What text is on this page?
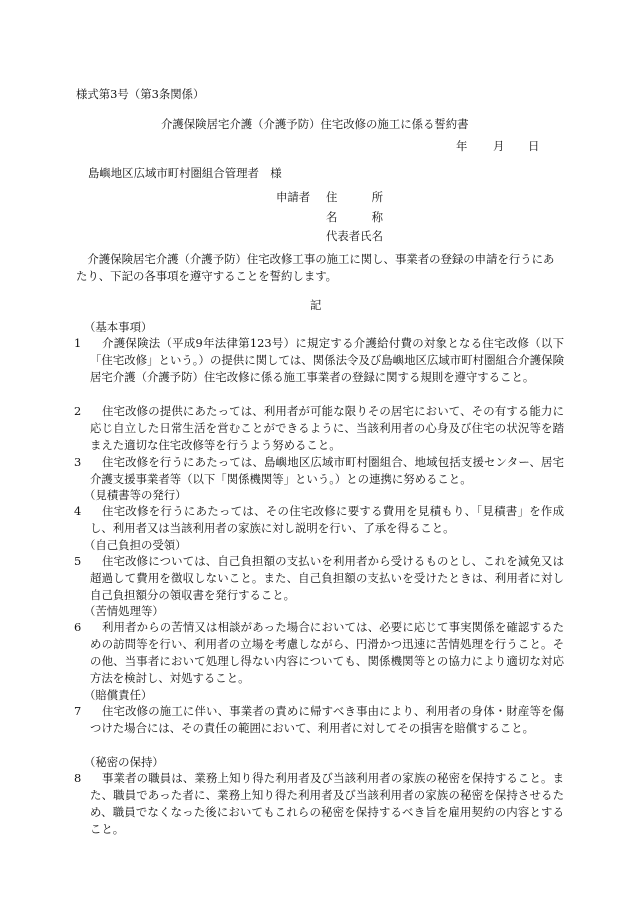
様式第3号（第3条関係）
介護保険居宅介護（介護予防）住宅改修の施工に係る誓約書
年 月 日
島嶼地区広域市町村圏組合管理者　様
申請者 住　　　所
名　　　称
代表者氏名
介護保険居宅介護（介護予防）住宅改修工事の施工に関し、事業者の登録の申請を行うにあたり、下記の各事項を遵守することを誓約します。
記
（基本事項）
1	介護保険法（平成9年法律第123号）に規定する介護給付費の対象となる住宅改修（以下「住宅改修」という。）の提供に関しては、関係法令及び島嶼地区広域市町村圏組合介護保険居宅介護（介護予防）住宅改修に係る施工事業者の登録に関する規則を遵守すること。
2	住宅改修の提供にあたっては、利用者が可能な限りその居宅において、その有する能力に応じ自立した日常生活を営むことができるように、当該利用者の心身及び住宅の状況等を踏まえた適切な住宅改修等を行うよう努めること。
3	住宅改修を行うにあたっては、島嶼地区広域市町村圏組合、地域包括支援センター、居宅介護支援事業者等（以下「関係機関等」という。）との連携に努めること。
（見積書等の発行）
4	住宅改修を行うにあたっては、その住宅改修に要する費用を見積もり、「見積書」を作成し、利用者又は当該利用者の家族に対し説明を行い、了承を得ること。
（自己負担の受領）
5	住宅改修については、自己負担額の支払いを利用者から受けるものとし、これを減免又は超過して費用を徴収しないこと。また、自己負担額の支払いを受けたときは、利用者に対し自己負担額分の領収書を発行すること。
（苦情処理等）
6	利用者からの苦情又は相談があった場合においては、必要に応じて事実関係を確認するための訪問等を行い、利用者の立場を考慮しながら、円滑かつ迅速に苦情処理を行うこと。その他、当事者において処理し得ない内容についても、関係機関等との協力により適切な対応方法を検討し、対処すること。
（賠償責任）
7	住宅改修の施工に伴い、事業者の責めに帰すべき事由により、利用者の身体・財産等を傷つけた場合には、その責任の範囲において、利用者に対してその損害を賠償すること。
（秘密の保持）
8	事業者の職員は、業務上知り得た利用者及び当該利用者の家族の秘密を保持すること。また、職員であった者に、業務上知り得た利用者及び当該利用者の家族の秘密を保持させるため、職員でなくなった後においてもこれらの秘密を保持するべき旨を雇用契約の内容とすること。
